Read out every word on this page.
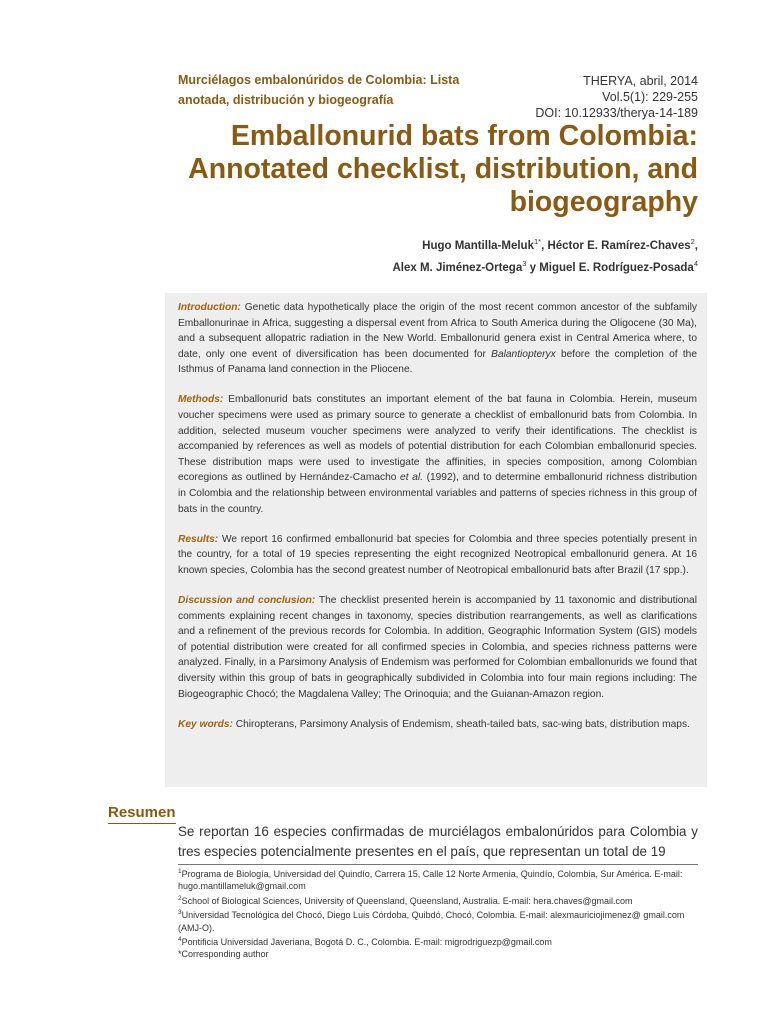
Murciélagos embalonúridos de Colombia: Lista
anotada, distribución y biogeografía
THERYA, abril, 2014
Vol.5(1): 229-255
DOI: 10.12933/therya-14-189
Emballonurid bats from Colombia:
Annotated checklist, distribution, and
biogeography
Hugo Mantilla-Meluk$^{1*}$, Héctor E. Ramírez-Chaves$^2$,
Alex M. Jiménez-Ortega$^3$ y Miguel E. Rodríguez-Posada$^4$

Introduction: Genetic data hypothetically place the origin of the most recent common ancestor of the subfamily Emballonurinae in Africa, suggesting a dispersal event from Africa to South America during the Oligocene (30 Ma), and a subsequent allopatric radiation in the New World. Emballonurid genera exist in Central America where, to date, only one event of diversification has been documented for Balantiopteryx before the completion of the Isthmus of Panama land connection in the Pliocene.

Methods: Emballonurid bats constitutes an important element of the bat fauna in Colombia. Herein, museum voucher specimens were used as primary source to generate a checklist of emballonurid bats from Colombia. In addition, selected museum voucher specimens were analyzed to verify their identifications. The checklist is accompanied by references as well as models of potential distribution for each Colombian emballonurid species. These distribution maps were used to investigate the affinities, in species composition, among Colombian ecoregions as outlined by Hernández-Camacho et al. (1992), and to determine emballonurid richness distribution in Colombia and the relationship between environmental variables and patterns of species richness in this group of bats in the country.

Results: We report 16 confirmed emballonurid bat species for Colombia and three species potentially present in the country, for a total of 19 species representing the eight recognized Neotropical emballonurid genera. At 16 known species, Colombia has the second greatest number of Neotropical emballonurid bats after Brazil (17 spp.).

Discussion and conclusion: The checklist presented herein is accompanied by 11 taxonomic and distributional comments explaining recent changes in taxonomy, species distribution rearrangements, as well as clarifications and a refinement of the previous records for Colombia. In addition, Geographic Information System (GIS) models of potential distribution were created for all confirmed species in Colombia, and species richness patterns were analyzed. Finally, in a Parsimony Analysis of Endemism was performed for Colombian emballonurids we found that diversity within this group of bats in geographically subdivided in Colombia into four main regions including: The Biogeographic Chocó; the Magdalena Valley; The Orinoquia; and the Guianan-Amazon region.

Key words: Chiropterans, Parsimony Analysis of Endemism, sheath-tailed bats, sac-wing bats, distribution maps.

Resumen
Se reportan 16 especies confirmadas de murciélagos embalonúridos para Colombia y tres especies potencialmente presentes en el país, que representan un total de 19

$^1$Programa de Biología, Universidad del Quindío, Carrera 15, Calle 12 Norte Armenia, Quindío, Colombia, Sur América. E-mail: hugo.mantillameluk@gmail.com

$^2$School of Biological Sciences, University of Queensland, Queensland, Australia. E-mail: hera.chaves@gmail.com

$^3$Universidad Tecnológica del Chocó, Diego Luis Córdoba, Quibdó, Chocó, Colombia. E-mail: alexmauriciojimenez@ gmail.com (AMJ-O).

$^4$Pontificia Universidad Javeriana, Bogotá D. C., Colombia. E-mail: migrodriguezp@gmail.com

*Corresponding author
